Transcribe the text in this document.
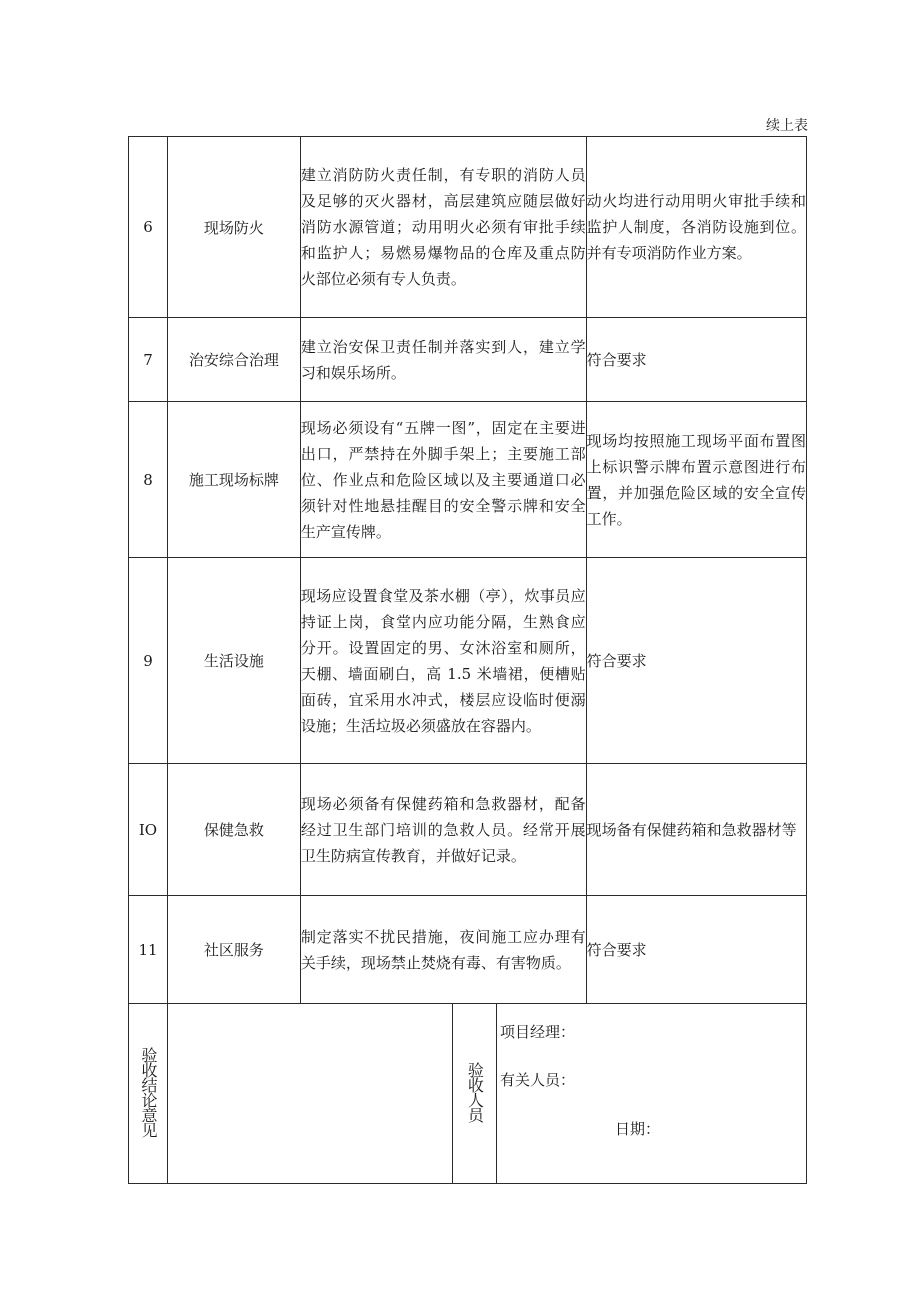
续上表
6	现场防火	建立消防防火责任制，有专职的消防人员及足够的灭火器材，高层建筑应随层做好消防水源管道；动用明火必须有审批手续和监护人；易燃易爆物品的仓库及重点防火部位必须有专人负责。			动火均进行动用明火审批手续和监护人制度，各消防设施到位。并有专项消防作业方案。
7	治安综合治理	建立治安保卫责任制并落实到人，建立学习和娱乐场所。			符合要求
8	施工现场标牌	现场必须设有“五牌一图”，固定在主要进出口，严禁持在外脚手架上；主要施工部位、作业点和危险区域以及主要通道口必须针对性地悬挂醒目的安全警示牌和安全生产宣传牌。			现场均按照施工现场平面布置图上标识警示牌布置示意图进行布置，并加强危险区域的安全宣传工作。
9	生活设施	现场应设置食堂及茶水棚（亭），炊事员应持证上岗，食堂内应功能分隔，生熟食应分开。设置固定的男、女沐浴室和厕所，天棚、墙面刷白，高 1.5 米墙裙，便槽贴面砖，宜采用水冲式，楼层应设临时便溺设施；生活垃圾必须盛放在容器内。			符合要求
IO	保健急救	现场必须备有保健药箱和急救器材，配备经过卫生部门培训的急救人员。经常开展卫生防病宣传教育，并做好记录。			现场备有保健药箱和急救器材等
11	社区服务	制定落实不扰民措施，夜间施工应办理有关手续，现场禁止焚烧有毒、有害物质。			符合要求
验收结论意见			验收人员	项目经理：
有关人员：
日期：	
